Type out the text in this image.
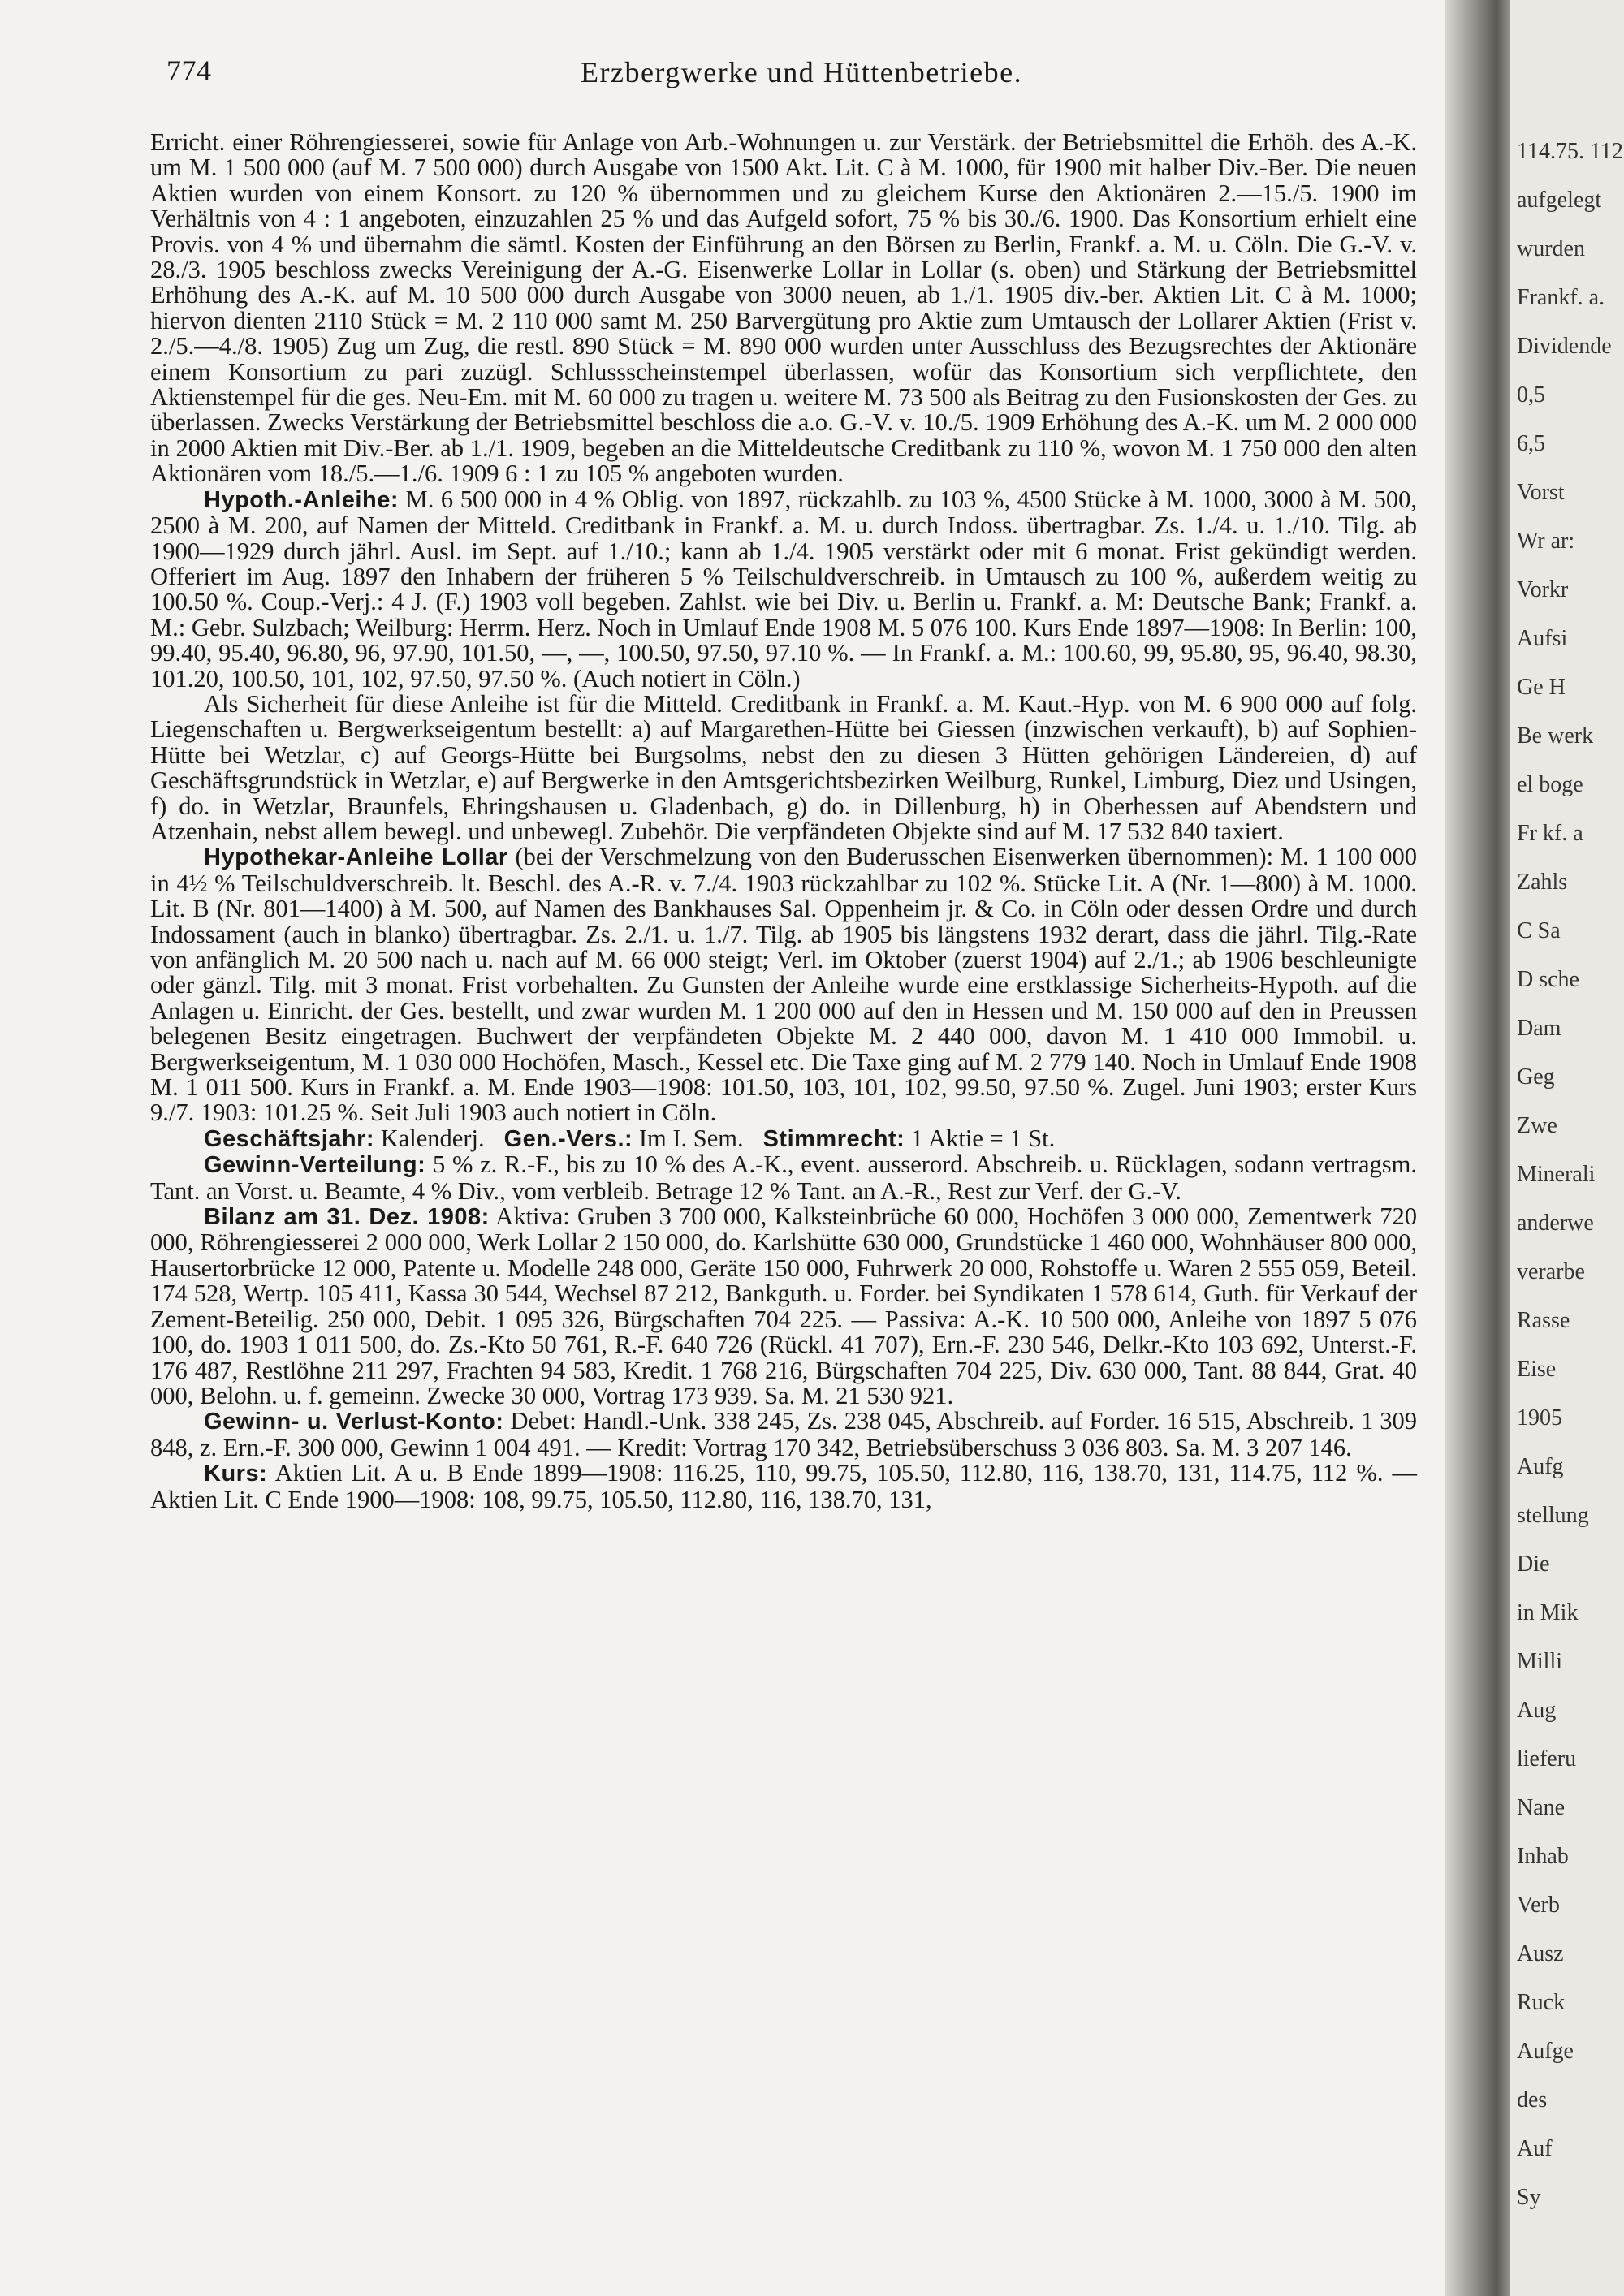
774	Erzbergwerke und Hüttenbetriebe.

Erricht. einer Röhrengiesserei, sowie für Anlage von Arb.-Wohnungen u. zur Verstärk. der Betriebsmittel die Erhöh. des A.-K. um M. 1 500 000 (auf M. 7 500 000) durch Ausgabe von 1500 Akt. Lit. C à M. 1000, für 1900 mit halber Div.-Ber. Die neuen Aktien wurden von einem Konsort. zu 120 % übernommen und zu gleichem Kurse den Aktionären 2.—15./5. 1900 im Verhältnis von 4 : 1 angeboten, einzuzahlen 25 % und das Aufgeld sofort, 75 % bis 30./6. 1900. Das Konsortium erhielt eine Provis. von 4 % und übernahm die sämtl. Kosten der Einführung an den Börsen zu Berlin, Frankf. a. M. u. Cöln. Die G.-V. v. 28./3. 1905 beschloss zwecks Vereinigung der A.-G. Eisenwerke Lollar in Lollar (s. oben) und Stärkung der Betriebsmittel Erhöhung des A.-K. auf M. 10 500 000 durch Ausgabe von 3000 neuen, ab 1./1. 1905 div.-ber. Aktien Lit. C à M. 1000; hiervon dienten 2110 Stück = M. 2 110 000 samt M. 250 Barvergütung pro Aktie zum Umtausch der Lollarer Aktien (Frist v. 2./5.—4./8. 1905) Zug um Zug, die restl. 890 Stück = M. 890 000 wurden unter Ausschluss des Bezugsrechtes der Aktionäre einem Konsortium zu pari zuzügl. Schlussscheinstempel überlassen, wofür das Konsortium sich verpflichtete, den Aktienstempel für die ges. Neu-Em. mit M. 60 000 zu tragen u. weitere M. 73 500 als Beitrag zu den Fusionskosten der Ges. zu überlassen. Zwecks Verstärkung der Betriebsmittel beschloss die a.o. G.-V. v. 10./5. 1909 Erhöhung des A.-K. um M. 2 000 000 in 2000 Aktien mit Div.-Ber. ab 1./1. 1909, begeben an die Mitteldeutsche Creditbank zu 110 %, wovon M. 1 750 000 den alten Aktionären vom 18./5.—1./6. 1909 6 : 1 zu 105 % angeboten wurden.

Hypoth.-Anleihe: M. 6 500 000 in 4 % Oblig. von 1897, rückzahlb. zu 103 %, 4500 Stücke à M. 1000, 3000 à M. 500, 2500 à M. 200, auf Namen der Mitteld. Creditbank in Frankf. a. M. u. durch Indoss. übertragbar. Zs. 1./4. u. 1./10. Tilg. ab 1900—1929 durch jährl. Ausl. im Sept. auf 1./10.; kann ab 1./4. 1905 verstärkt oder mit 6 monat. Frist gekündigt werden. Offeriert im Aug. 1897 den Inhabern der früheren 5 % Teilschuldverschreib. in Umtausch zu 100 %, außerdem weitig zu 100.50 %. Coup.-Verj.: 4 J. (F.) 1903 voll begeben. Zahlst. wie bei Div. u. Berlin u. Frankf. a. M: Deutsche Bank; Frankf. a. M.: Gebr. Sulzbach; Weilburg: Herrm. Herz. Noch in Umlauf Ende 1908 M. 5 076 100. Kurs Ende 1897—1908: In Berlin: 100, 99.40, 95.40, 96.80, 96, 97.90, 101.50, —, —, 100.50, 97.50, 97.10 %. — In Frankf. a. M.: 100.60, 99, 95.80, 95, 96.40, 98.30, 101.20, 100.50, 101, 102, 97.50, 97.50 %. (Auch notiert in Cöln.)

Als Sicherheit für diese Anleihe ist für die Mitteld. Creditbank in Frankf. a. M. Kaut.-Hyp. von M. 6 900 000 auf folg. Liegenschaften u. Bergwerkseigentum bestellt: a) auf Margarethen-Hütte bei Giessen (inzwischen verkauft), b) auf Sophien-Hütte bei Wetzlar, c) auf Georgs-Hütte bei Burgsolms, nebst den zu diesen 3 Hütten gehörigen Ländereien, d) auf Geschäftsgrundstück in Wetzlar, e) auf Bergwerke in den Amtsgerichtsbezirken Weilburg, Runkel, Limburg, Diez und Usingen, f) do. in Wetzlar, Braunfels, Ehringshausen u. Gladenbach, g) do. in Dillenburg, h) in Oberhessen auf Abendstern und Atzenhain, nebst allem bewegl. und unbewegl. Zubehör. Die verpfändeten Objekte sind auf M. 17 532 840 taxiert.

Hypothekar-Anleihe Lollar (bei der Verschmelzung von den Buderusschen Eisenwerken übernommen): M. 1 100 000 in 4½ % Teilschuldverschreib. lt. Beschl. des A.-R. v. 7./4. 1903 rückzahlbar zu 102 %. Stücke Lit. A (Nr. 1—800) à M. 1000. Lit. B (Nr. 801—1400) à M. 500, auf Namen des Bankhauses Sal. Oppenheim jr. & Co. in Cöln oder dessen Ordre und durch Indossament (auch in blanko) übertragbar. Zs. 2./1. u. 1./7. Tilg. ab 1905 bis längstens 1932 derart, dass die jährl. Tilg.-Rate von anfänglich M. 20 500 nach u. nach auf M. 66 000 steigt; Verl. im Oktober (zuerst 1904) auf 2./1.; ab 1906 beschleunigte oder gänzl. Tilg. mit 3 monat. Frist vorbehalten. Zu Gunsten der Anleihe wurde eine erstklassige Sicherheits-Hypoth. auf die Anlagen u. Einricht. der Ges. bestellt, und zwar wurden M. 1 200 000 auf den in Hessen und M. 150 000 auf den in Preussen belegenen Besitz eingetragen. Buchwert der verpfändeten Objekte M. 2 440 000, davon M. 1 410 000 Immobil. u. Bergwerkseigentum, M. 1 030 000 Hochöfen, Masch., Kessel etc. Die Taxe ging auf M. 2 779 140. Noch in Umlauf Ende 1908 M. 1 011 500. Kurs in Frankf. a. M. Ende 1903—1908: 101.50, 103, 101, 102, 99.50, 97.50 %. Zugel. Juni 1903; erster Kurs 9./7. 1903: 101.25 %. Seit Juli 1903 auch notiert in Cöln.

Geschäftsjahr: Kalenderj. Gen.-Vers.: Im I. Sem. Stimmrecht: 1 Aktie = 1 St.

Gewinn-Verteilung: 5 % z. R.-F., bis zu 10 % des A.-K., event. ausserord. Abschreib. u. Rücklagen, sodann vertragsm. Tant. an Vorst. u. Beamte, 4 % Div., vom verbleib. Betrage 12 % Tant. an A.-R., Rest zur Verf. der G.-V.

Bilanz am 31. Dez. 1908: Aktiva: Gruben 3 700 000, Kalksteinbrüche 60 000, Hochöfen 3 000 000, Zementwerk 720 000, Röhrengiesserei 2 000 000, Werk Lollar 2 150 000, do. Karlshütte 630 000, Grundstücke 1 460 000, Wohnhäuser 800 000, Hausertorbrücke 12 000, Patente u. Modelle 248 000, Geräte 150 000, Fuhrwerk 20 000, Rohstoffe u. Waren 2 555 059, Beteil. 174 528, Wertp. 105 411, Kassa 30 544, Wechsel 87 212, Bankguth. u. Forder. bei Syndikaten 1 578 614, Guth. für Verkauf der Zement-Beteilig. 250 000, Debit. 1 095 326, Bürgschaften 704 225. — Passiva: A.-K. 10 500 000, Anleihe von 1897 5 076 100, do. 1903 1 011 500, do. Zs.-Kto 50 761, R.-F. 640 726 (Rückl. 41 707), Ern.-F. 230 546, Delkr.-Kto 103 692, Unterst.-F. 176 487, Restlöhne 211 297, Frachten 94 583, Kredit. 1 768 216, Bürgschaften 704 225, Div. 630 000, Tant. 88 844, Grat. 40 000, Belohn. u. f. gemeinn. Zwecke 30 000, Vortrag 173 939. Sa. M. 21 530 921.

Gewinn- u. Verlust-Konto: Debet: Handl.-Unk. 338 245, Zs. 238 045, Abschreib. auf Forder. 16 515, Abschreib. 1 309 848, z. Ern.-F. 300 000, Gewinn 1 004 491. — Kredit: Vortrag 170 342, Betriebsüberschuss 3 036 803. Sa. M. 3 207 146.

Kurs: Aktien Lit. A u. B Ende 1899—1908: 116.25, 110, 99.75, 105.50, 112.80, 116, 138.70, 131, 114.75, 112 %. — Aktien Lit. C Ende 1900—1908: 108, 99.75, 105.50, 112.80, 116, 138.70, 131,

114.75. 112
aufgelegt
wurden
Frankf. a.
Dividende
0,5
6,5
Vorst
Wr ar:
Vorkr
Aufsi
Ge H
Be werk
el boge
Fr kf. a
Zahls
C Sa
D sche
Dam
Geg
Zwe
Minerali
anderwe
verarbe
Rasse
Eise
1905
Aufg
stellung
Die
in Mik
Milli
Aug
lieferu
Nane
Inhab
Verb
Ausz
Ruck
Aufge
des
Auf
Sy
